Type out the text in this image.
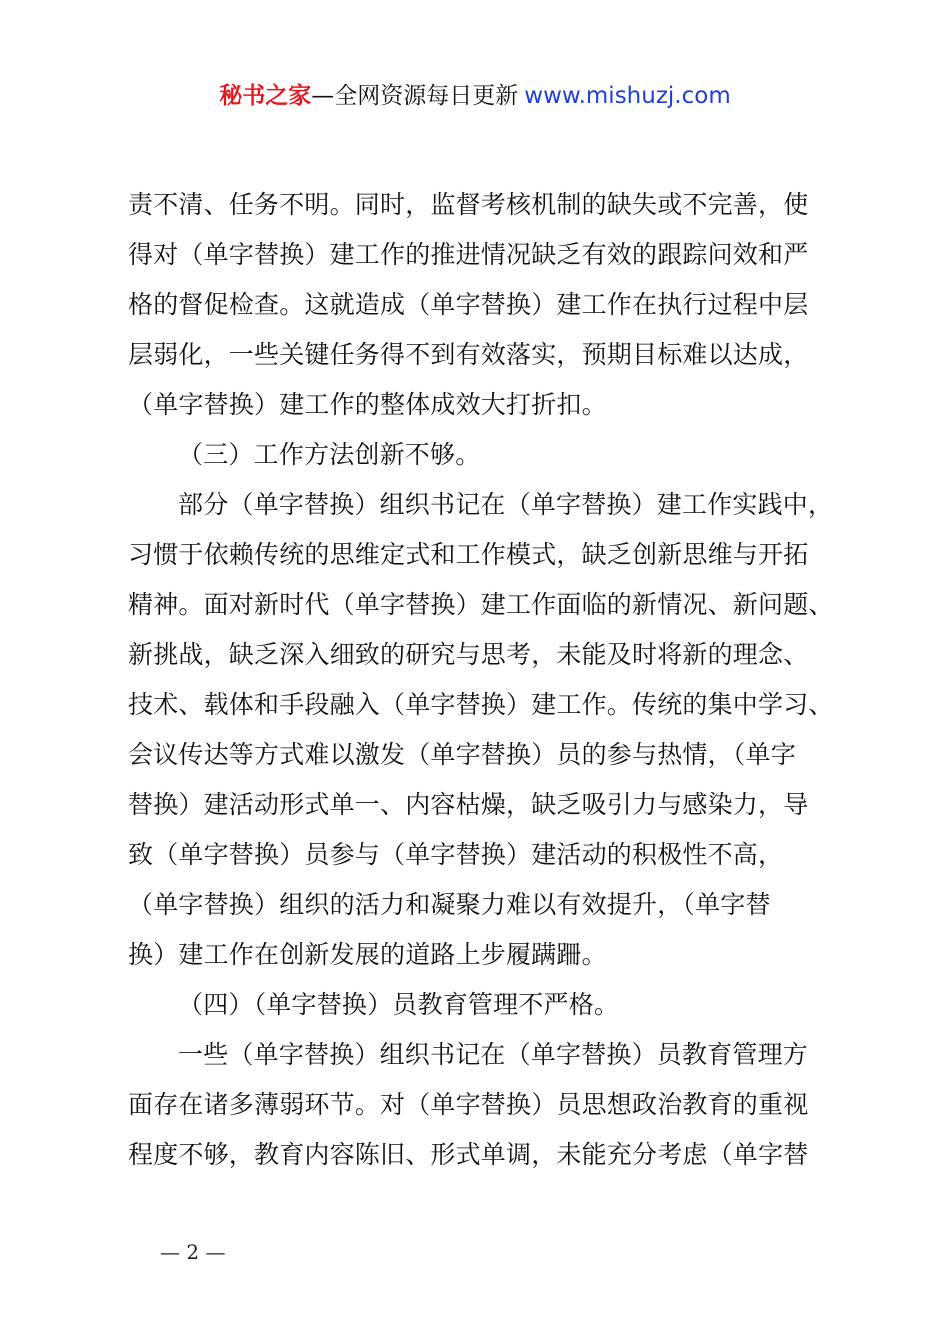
秘书之家—全网资源每日更新 www.mishuzj.com
责不清、任务不明。同时，监督考核机制的缺失或不完善，使
得对（单字替换）建工作的推进情况缺乏有效的跟踪问效和严
格的督促检查。这就造成（单字替换）建工作在执行过程中层
层弱化，一些关键任务得不到有效落实，预期目标难以达成，
（单字替换）建工作的整体成效大打折扣。
（三）工作方法创新不够。
部分（单字替换）组织书记在（单字替换）建工作实践中，
习惯于依赖传统的思维定式和工作模式，缺乏创新思维与开拓
精神。面对新时代（单字替换）建工作面临的新情况、新问题、
新挑战，缺乏深入细致的研究与思考，未能及时将新的理念、
技术、载体和手段融入（单字替换）建工作。传统的集中学习、
会议传达等方式难以激发（单字替换）员的参与热情，（单字
替换）建活动形式单一、内容枯燥，缺乏吸引力与感染力，导
致（单字替换）员参与（单字替换）建活动的积极性不高，
（单字替换）组织的活力和凝聚力难以有效提升，（单字替
换）建工作在创新发展的道路上步履蹒跚。
（四）（单字替换）员教育管理不严格。
一些（单字替换）组织书记在（单字替换）员教育管理方
面存在诸多薄弱环节。对（单字替换）员思想政治教育的重视
程度不够，教育内容陈旧、形式单调，未能充分考虑（单字替
— 2 —
